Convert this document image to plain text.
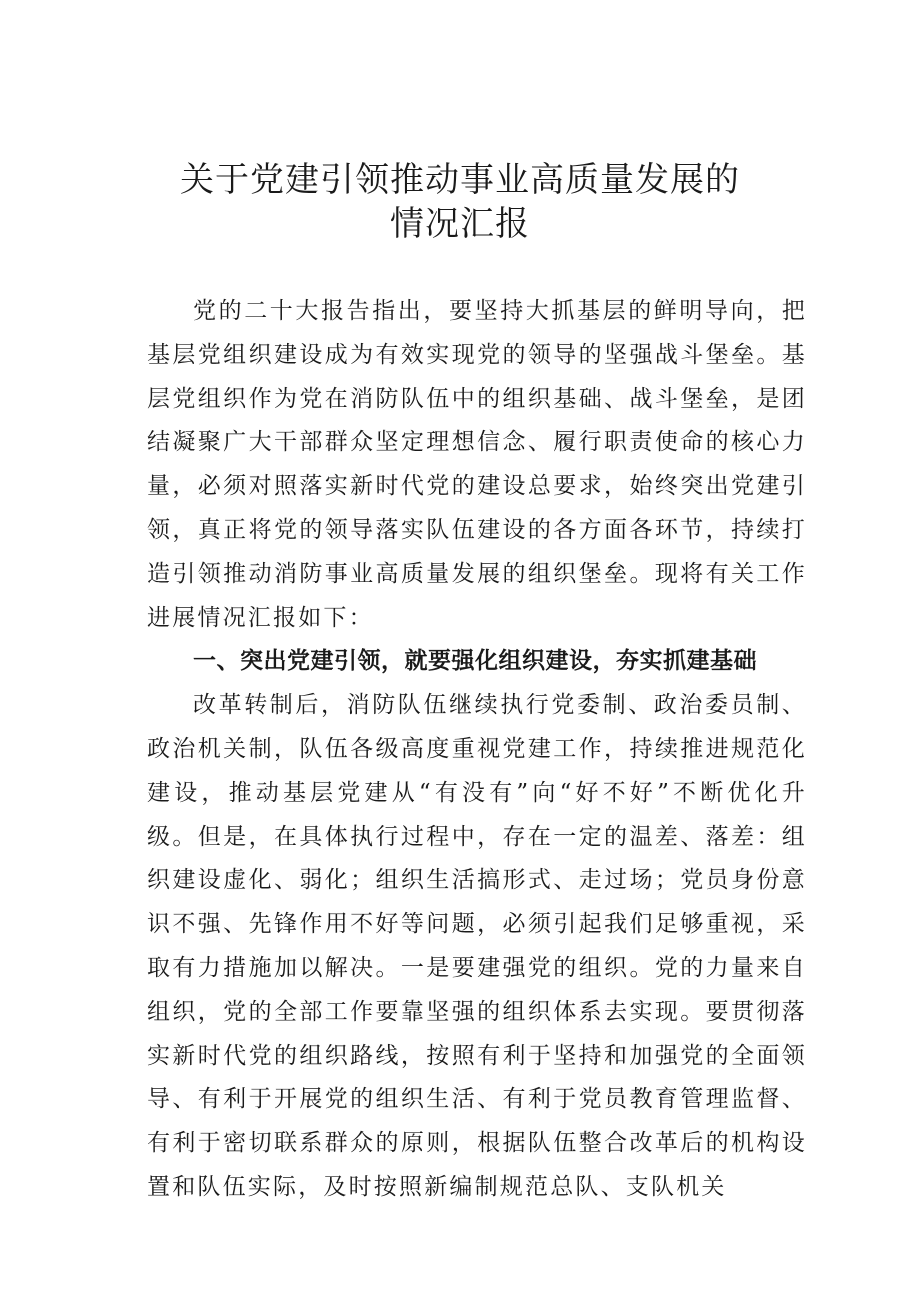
关于党建引领推动事业高质量发展的
情况汇报

党的二十大报告指出，要坚持大抓基层的鲜明导向，把基层党组织建设成为有效实现党的领导的坚强战斗堡垒。基层党组织作为党在消防队伍中的组织基础、战斗堡垒，是团结凝聚广大干部群众坚定理想信念、履行职责使命的核心力量，必须对照落实新时代党的建设总要求，始终突出党建引领，真正将党的领导落实队伍建设的各方面各环节，持续打造引领推动消防事业高质量发展的组织堡垒。现将有关工作进展情况汇报如下：

一、突出党建引领，就要强化组织建设，夯实抓建基础

改革转制后，消防队伍继续执行党委制、政治委员制、政治机关制，队伍各级高度重视党建工作，持续推进规范化建设，推动基层党建从“有没有”向“好不好”不断优化升级。但是，在具体执行过程中，存在一定的温差、落差：组织建设虚化、弱化；组织生活搞形式、走过场；党员身份意识不强、先锋作用不好等问题，必须引起我们足够重视，采取有力措施加以解决。一是要建强党的组织。党的力量来自组织，党的全部工作要靠坚强的组织体系去实现。要贯彻落实新时代党的组织路线，按照有利于坚持和加强党的全面领导、有利于开展党的组织生活、有利于党员教育管理监督、有利于密切联系群众的原则，根据队伍整合改革后的机构设置和队伍实际，及时按照新编制规范总队、支队机关
